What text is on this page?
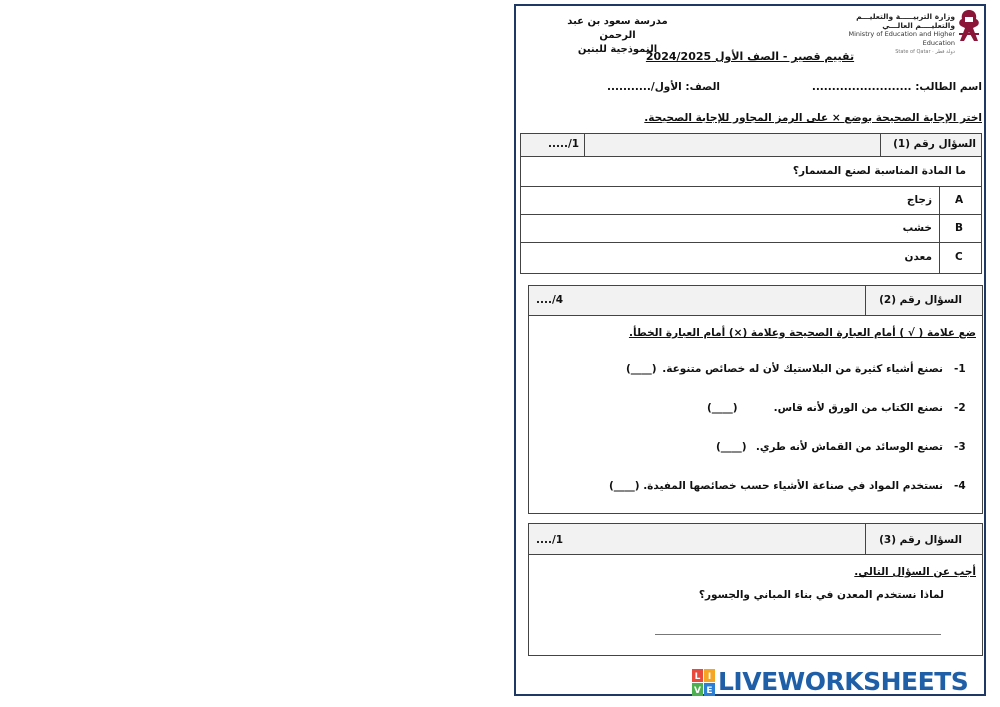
مدرسة سعود بن عبد الرحمن
النموذجية للبنين
وزارة التربيـــــة والتعليـــم والتعليــــم العالـــي
Ministry of Education and Higher Education
State of Qatar · دولة قطر
تقييم قصير - الصف الأول 2024/2025
اسم الطالب: .........................
الصف: الأول/...........
اختر الإجابة الصحيحة بوضع × على الرمز المجاور للإجابة الصحيحة.
السؤال رقم (1)
...../1
ما المادة المناسبة لصنع المسمار؟
A
زجاج
B
خشب
C
معدن
السؤال رقم (2)
..../4
ضع علامة ( √ ) أمام العبارة الصحيحة وعلامة (×) أمام العبارة الخطأ.
-1
نصنع أشياء كثيرة من البلاستيك لأن له خصائص متنوعة.
(____)
-2
نصنع الكتاب من الورق لأنه قاس.
(____)
-3
تصنع الوسائد من القماش لأنه طري.
(____)
-4
نستخدم المواد في صناعة الأشياء حسب خصائصها المفيدة.
(____)
السؤال رقم (3)
..../1
أجب عن السؤال التالي.
لماذا نستخدم المعدن في بناء المباني والجسور؟
L I
V E LIVEWORKSHEETS
